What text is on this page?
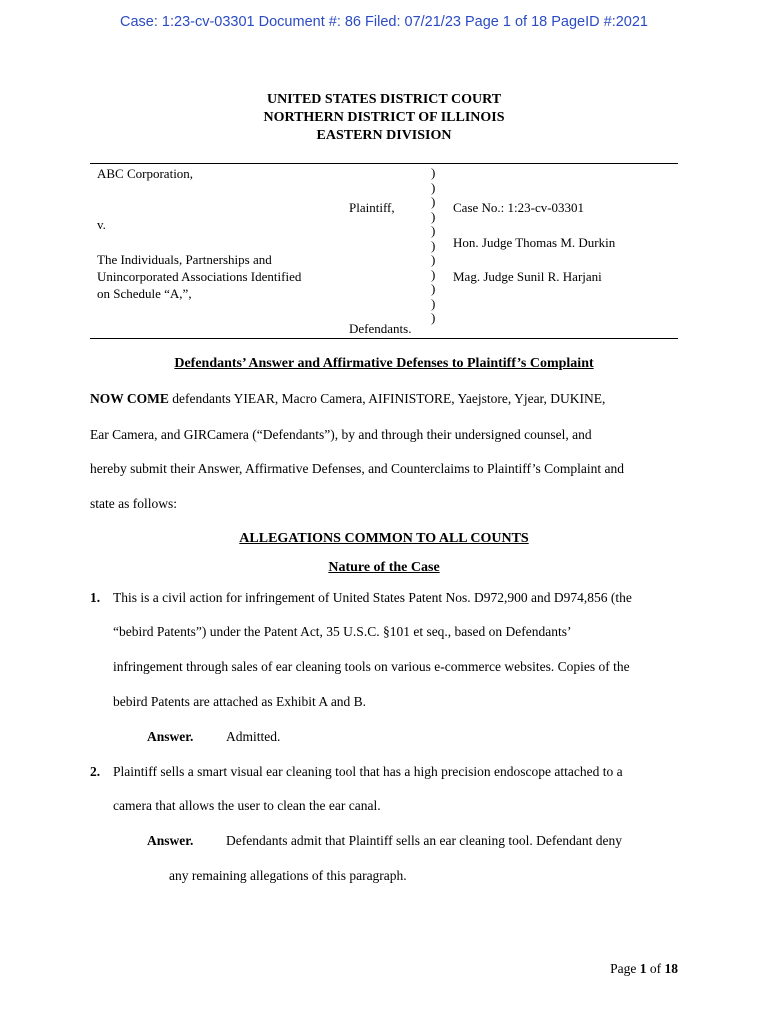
Case: 1:23-cv-03301 Document #: 86 Filed: 07/21/23 Page 1 of 18 PageID #:2021
UNITED STATES DISTRICT COURT
NORTHERN DISTRICT OF ILLINOIS
EASTERN DIVISION
ABC Corporation,
Plaintiff,
v.
The Individuals, Partnerships and
Unincorporated Associations Identified
on Schedule “A,”,
Defendants.
)
)
)
)
)
)
)
)
)
)
)
Case No.: 1:23-cv-03301
Hon. Judge Thomas M. Durkin
Mag. Judge Sunil R. Harjani
Defendants’ Answer and Affirmative Defenses to Plaintiff’s Complaint
NOW COME defendants YIEAR, Macro Camera, AIFINISTORE, Yaejstore, Yjear, DUKINE,
Ear Camera, and GIRCamera (“Defendants”), by and through their undersigned counsel, and
hereby submit their Answer, Affirmative Defenses, and Counterclaims to Plaintiff’s Complaint and
state as follows:
ALLEGATIONS COMMON TO ALL COUNTS
Nature of the Case
1. This is a civil action for infringement of United States Patent Nos. D972,900 and D974,856 (the
“bebird Patents”) under the Patent Act, 35 U.S.C. §101 et seq., based on Defendants’
infringement through sales of ear cleaning tools on various e-commerce websites. Copies of the
bebird Patents are attached as Exhibit A and B.
Answer. Admitted.
2. Plaintiff sells a smart visual ear cleaning tool that has a high precision endoscope attached to a
camera that allows the user to clean the ear canal.
Answer. Defendants admit that Plaintiff sells an ear cleaning tool. Defendant deny
any remaining allegations of this paragraph.
Page 1 of 18
